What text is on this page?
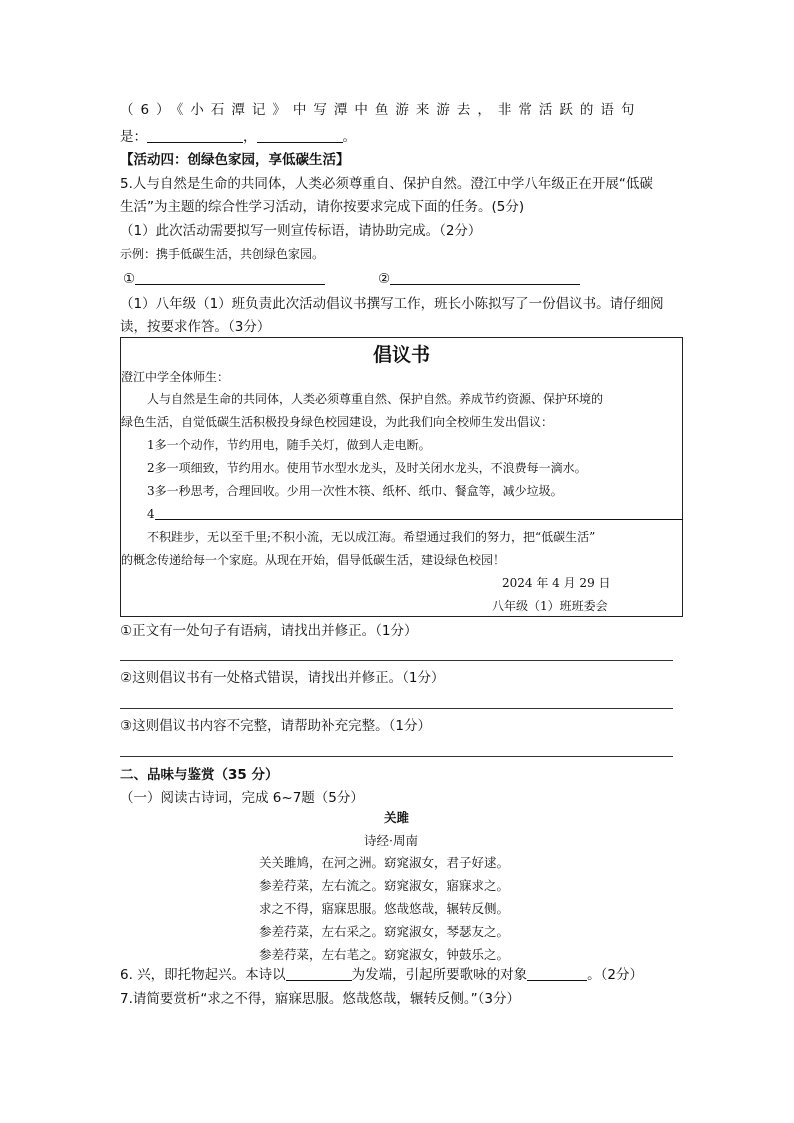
（6）《小石潭记》中写潭中鱼游来游去，非常活跃的语句
是：	，	。
【活动四：创绿色家园，享低碳生活】
5.人与自然是生命的共同体，人类必须尊重自、保护自然。澄江中学八年级正在开展“低碳
生活”为主题的综合性学习活动，请你按要求完成下面的任务。(5分)
（1）此次活动需要拟写一则宣传标语，请协助完成。（2分）
示例：携手低碳生活，共创绿色家园。
①	②
（1）八年级（1）班负责此次活动倡议书撰写工作，班长小陈拟写了一份倡议书。请仔细阅
读，按要求作答。（3分）
倡议书
澄江中学全体师生：
人与自然是生命的共同体，人类必须尊重自然、保护自然。养成节约资源、保护环境的
绿色生活，自觉低碳生活积极投身绿色校园建设，为此我们向全校师生发出倡议：
1多一个动作，节约用电，随手关灯，做到人走电断。
2多一项细致，节约用水。使用节水型水龙头，及时关闭水龙头，不浪费每一滴水。
3多一秒思考，合理回收。少用一次性木筷、纸杯、纸巾、餐盒等，减少垃圾。
4
不积跬步，无以至千里;不积小流，无以成江海。希望通过我们的努力，把“低碳生活”
的概念传递给每一个家庭。从现在开始，倡导低碳生活，建设绿色校园！
2024 年 4 月 29 日
八年级（1）班班委会
①正文有一处句子有语病，请找出并修正。（1分）
②这则倡议书有一处格式错误，请找出并修正。（1分）
③这则倡议书内容不完整，请帮助补充完整。（1分）
二、品味与鉴赏（35 分）
（一）阅读古诗词，完成 6~7题（5分）
关雎
诗经·周南
关关雎鸠，在河之洲。窈窕淑女，君子好逑。
参差荇菜，左右流之。窈窕淑女，寤寐求之。
求之不得，寤寐思服。悠哉悠哉，辗转反侧。
参差荇菜，左右采之。窈窕淑女，琴瑟友之。
参差荇菜，左右芼之。窈窕淑女，钟鼓乐之。
6. 兴，即托物起兴。本诗以	为发端，引起所要歌咏的对象	。（2分）
7.请简要赏析“求之不得，寤寐思服。悠哉悠哉，辗转反侧。”（3分）
